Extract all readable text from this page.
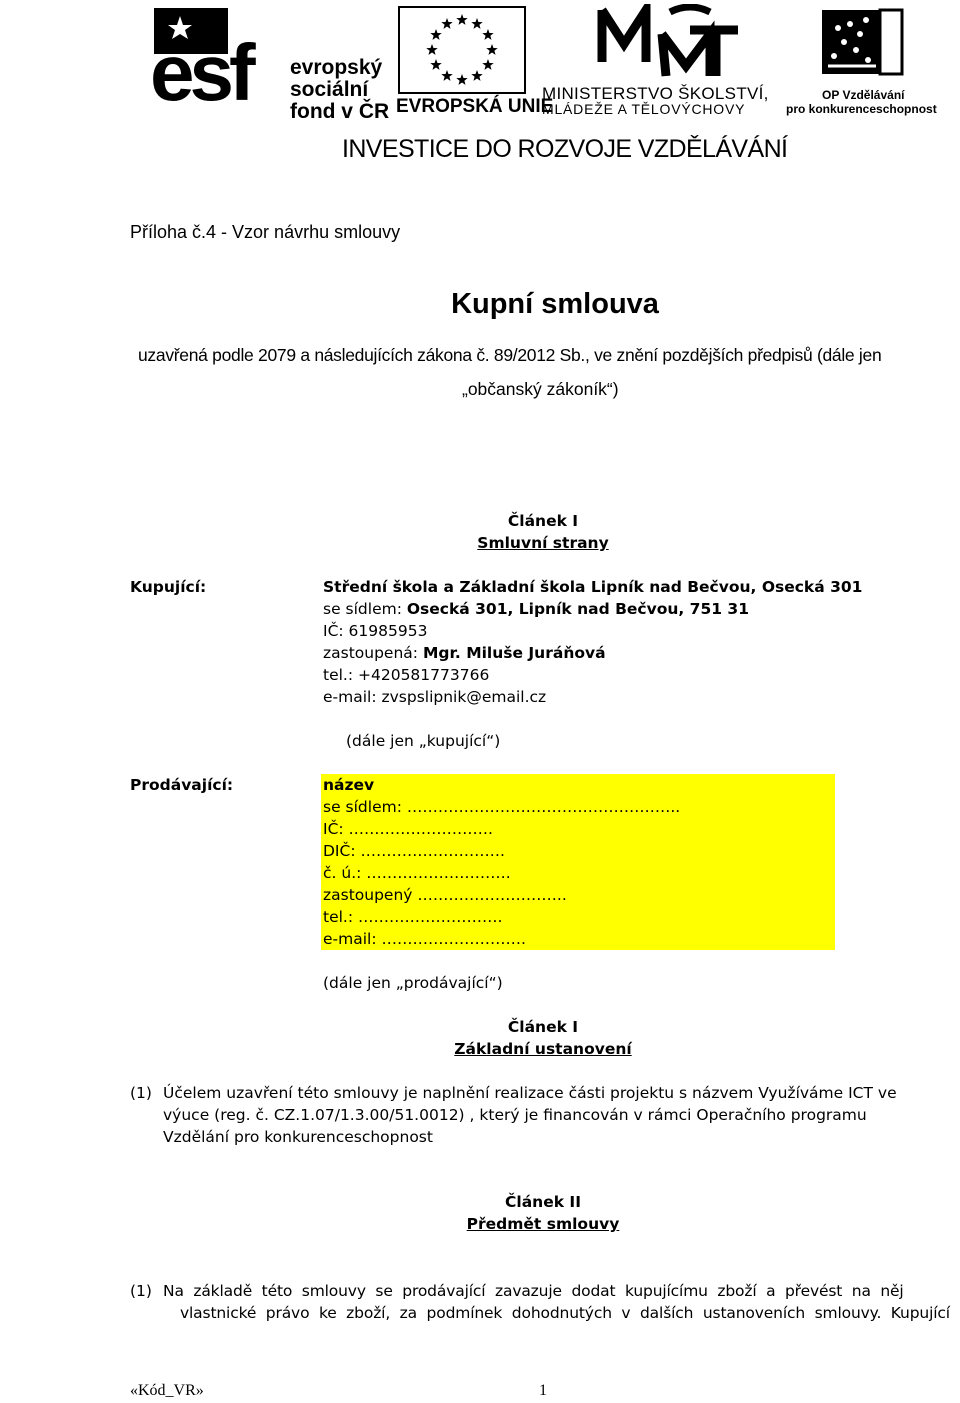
esf evropský
sociální
fond v ČR EVROPSKÁ UNIE
MINISTERSTVO ŠKOLSTVÍ,
MLÁDEŽE A TĚLOVÝCHOVY
OP Vzdělávání
pro konkurenceschopnost
INVESTICE DO ROZVOJE VZDĚLÁVÁNÍ
Příloha č.4 - Vzor návrhu smlouvy
Kupní smlouva
uzavřená podle 2079 a následujících zákona č. 89/2012 Sb., ve znění pozdějších předpisů (dále jen
„občanský zákoník“)
Článek I
Smluvní strany
Kupující:	Střední škola a Základní škola Lipník nad Bečvou, Osecká 301
se sídlem: Osecká 301, Lipník nad Bečvou, 751 31
IČ: 61985953
zastoupená: Mgr. Miluše Juráňová
tel.: +420581773766
e-mail: zvspslipnik@email.cz
(dále jen „kupující“)
Prodávající:	název
se sídlem: ……………………………………………..
IČ: ……………………….
DIČ: ……………………….
č. ú.: ……………………….
zastoupený ………………………..
tel.: ……………………….
e-mail: ……………………….
(dále jen „prodávající“)
Článek I
Základní ustanovení
(1) Účelem uzavření této smlouvy je naplnění realizace části projektu s názvem Využíváme ICT ve
výuce (reg. č. CZ.1.07/1.3.00/51.0012) , který je financován v rámci Operačního programu
Vzdělání pro konkurenceschopnost
Článek II
Předmět smlouvy
(1) Na  základě  této  smlouvy  se  prodávající  zavazuje  dodat  kupujícímu  zboží  a  převést  na  něj
vlastnické  právo  ke  zboží,  za  podmínek  dohodnutých  v  dalších  ustanoveních  smlouvy.  Kupující
«Kód_VR»	1
